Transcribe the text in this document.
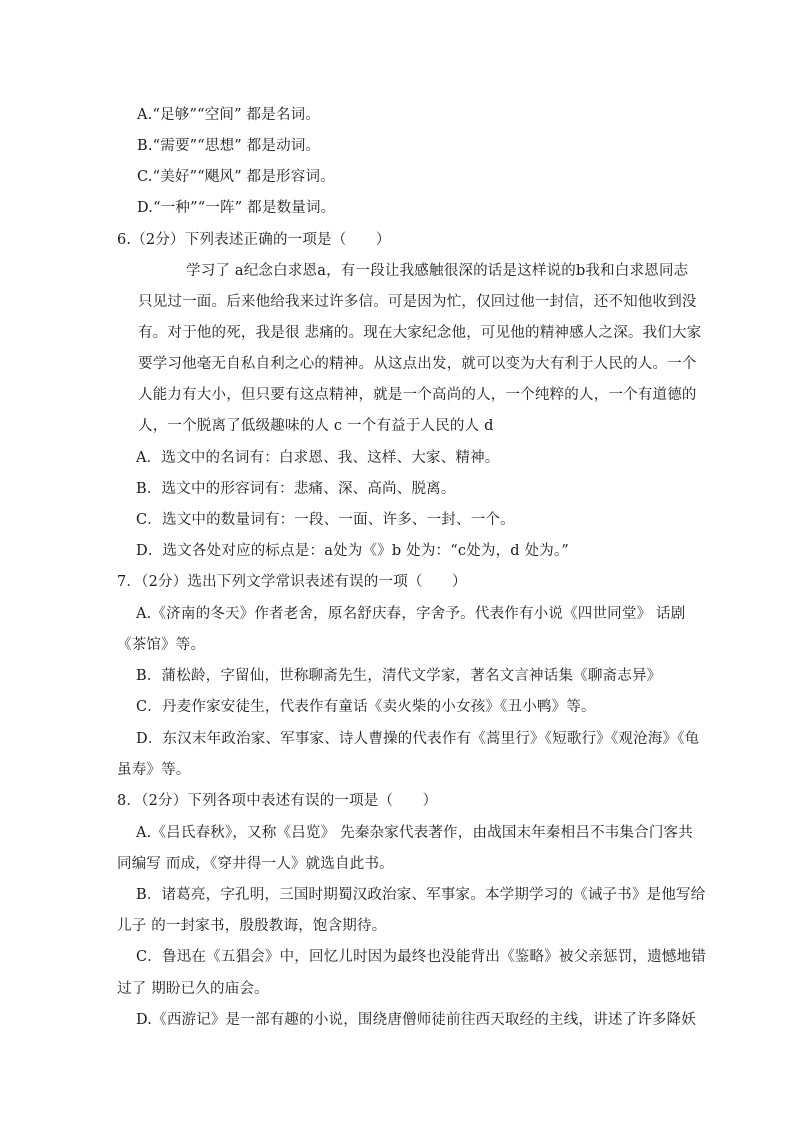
A.“足够”“空间” 都是名词。
B.“需要”“思想” 都是动词。
C.“美好”“飓风” 都是形容词。
D.“一种”“一阵” 都是数量词。
6.（2分）下列表述正确的一项是（　　）
学习了 a纪念白求恩a，有一段让我感触很深的话是这样说的b我和白求恩同志
只见过一面。后来他给我来过许多信。可是因为忙，仅回过他一封信，还不知他收到没
有。对于他的死，我是很 悲痛的。现在大家纪念他，可见他的精神感人之深。我们大家
要学习他毫无自私自利之心的精神。从这点出发，就可以变为大有利于人民的人。一个
人能力有大小，但只要有这点精神，就是一个高尚的人，一个纯粹的人，一个有道德的
人，一个脱离了低级趣味的人 c 一个有益于人民的人 d
A．选文中的名词有：白求恩、我、这样、大家、精神。
B．选文中的形容词有：悲痛、深、高尚、脱离。
C．选文中的数量词有：一段、一面、许多、一封、一个。
D．选文各处对应的标点是：a处为《》b 处为：“c处为，d 处为。”
7．（2分）选出下列文学常识表述有误的一项（　　）
A.《济南的冬天》作者老舍，原名舒庆春，字舍予。代表作有小说《四世同堂》 话剧
《茶馆》等。
B．蒲松龄，字留仙，世称聊斋先生，清代文学家，著名文言神话集《聊斋志异》
C．丹麦作家安徒生，代表作有童话《卖火柴的小女孩》《丑小鸭》等。
D．东汉末年政治家、军事家、诗人曹操的代表作有《蒿里行》《短歌行》《观沧海》《龟
虽寿》等。
8．（2分）下列各项中表述有误的一项是（　　）
A.《吕氏春秋》，又称《吕览》 先秦杂家代表著作，由战国末年秦相吕不韦集合门客共
同编写 而成，《穿井得一人》就选自此书。
B．诸葛亮，字孔明，三国时期蜀汉政治家、军事家。本学期学习的《诫子书》是他写给
儿子 的一封家书，殷殷教诲，饱含期待。
C．鲁迅在《五猖会》中，回忆儿时因为最终也没能背出《鉴略》被父亲惩罚，遗憾地错
过了 期盼已久的庙会。
D.《西游记》是一部有趣的小说，围绕唐僧师徒前往西天取经的主线，讲述了许多降妖
